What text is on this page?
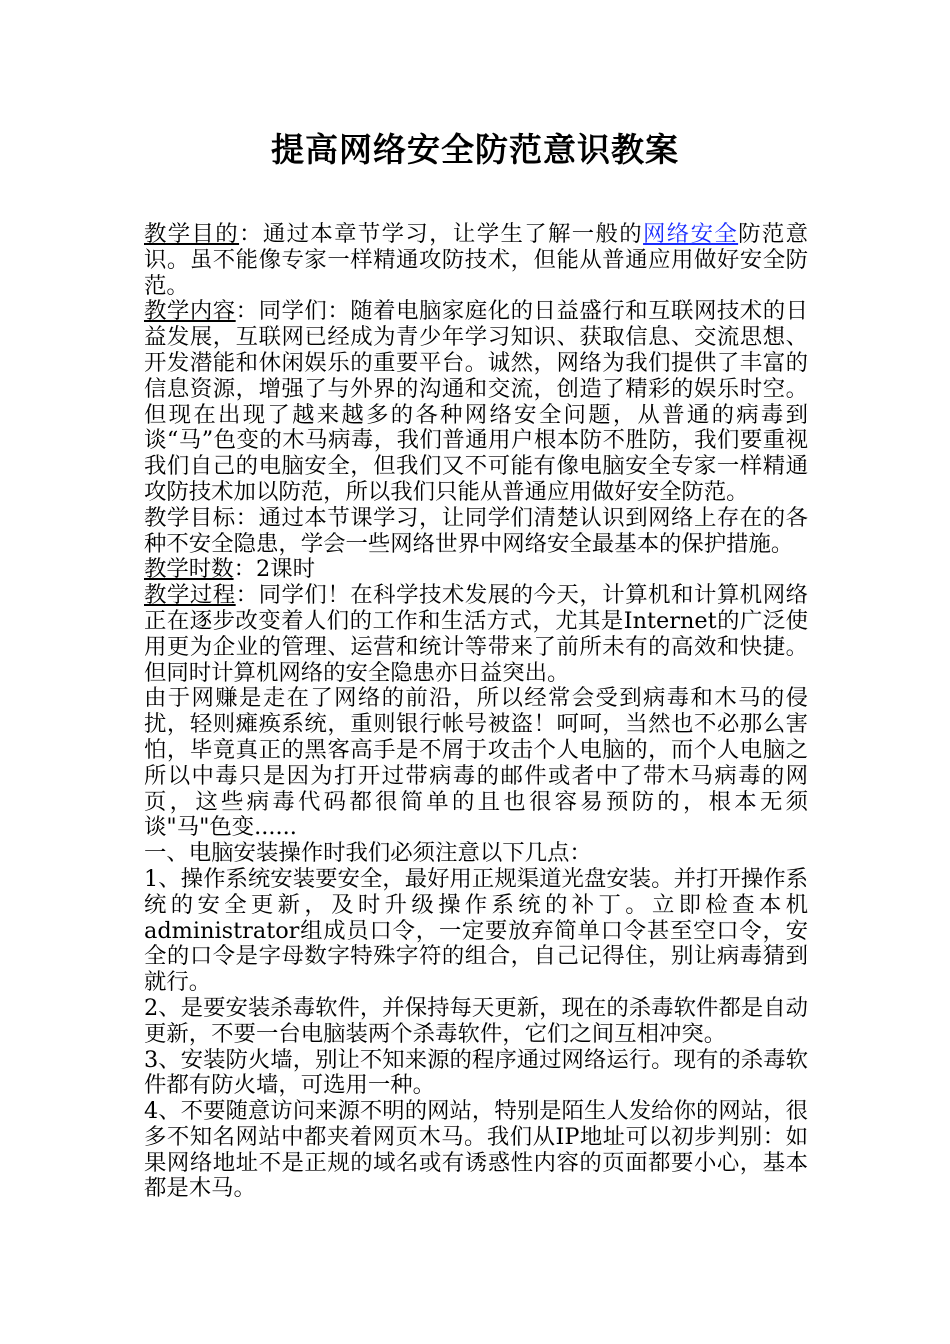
提高网络安全防范意识教案

教学目的：通过本章节学习，让学生了解一般的网络安全防范意识。虽不能像专家一样精通攻防技术，但能从普通应用做好安全防范。

教学内容：同学们：随着电脑家庭化的日益盛行和互联网技术的日益发展，互联网已经成为青少年学习知识、获取信息、交流思想、开发潜能和休闲娱乐的重要平台。诚然，网络为我们提供了丰富的信息资源，增强了与外界的沟通和交流，创造了精彩的娱乐时空。但现在出现了越来越多的各种网络安全问题，从普通的病毒到谈“马”色变的木马病毒，我们普通用户根本防不胜防，我们要重视我们自己的电脑安全，但我们又不可能有像电脑安全专家一样精通攻防技术加以防范，所以我们只能从普通应用做好安全防范。

教学目标：通过本节课学习，让同学们清楚认识到网络上存在的各种不安全隐患，学会一些网络世界中网络安全最基本的保护措施。

教学时数：2课时

教学过程：同学们！在科学技术发展的今天，计算机和计算机网络正在逐步改变着人们的工作和生活方式，尤其是Internet的广泛使用更为企业的管理、运营和统计等带来了前所未有的高效和快捷。但同时计算机网络的安全隐患亦日益突出。

由于网赚是走在了网络的前沿，所以经常会受到病毒和木马的侵扰，轻则瘫痪系统，重则银行帐号被盗！呵呵，当然也不必那么害怕，毕竟真正的黑客高手是不屑于攻击个人电脑的，而个人电脑之所以中毒只是因为打开过带病毒的邮件或者中了带木马病毒的网页，这些病毒代码都很简单的且也很容易预防的，根本无须谈"马"色变......

一、电脑安装操作时我们必须注意以下几点：

1、操作系统安装要安全，最好用正规渠道光盘安装。并打开操作系统的安全更新，及时升级操作系统的补丁。立即检查本机administrator组成员口令，一定要放弃简单口令甚至空口令，安全的口令是字母数字特殊字符的组合，自己记得住，别让病毒猜到就行。

2、是要安装杀毒软件，并保持每天更新，现在的杀毒软件都是自动更新，不要一台电脑装两个杀毒软件，它们之间互相冲突。

3、安装防火墙，别让不知来源的程序通过网络运行。现有的杀毒软件都有防火墙，可选用一种。

4、不要随意访问来源不明的网站，特别是陌生人发给你的网站，很多不知名网站中都夹着网页木马。我们从IP地址可以初步判别：如果网络地址不是正规的域名或有诱惑性内容的页面都要小心，基本都是木马。
